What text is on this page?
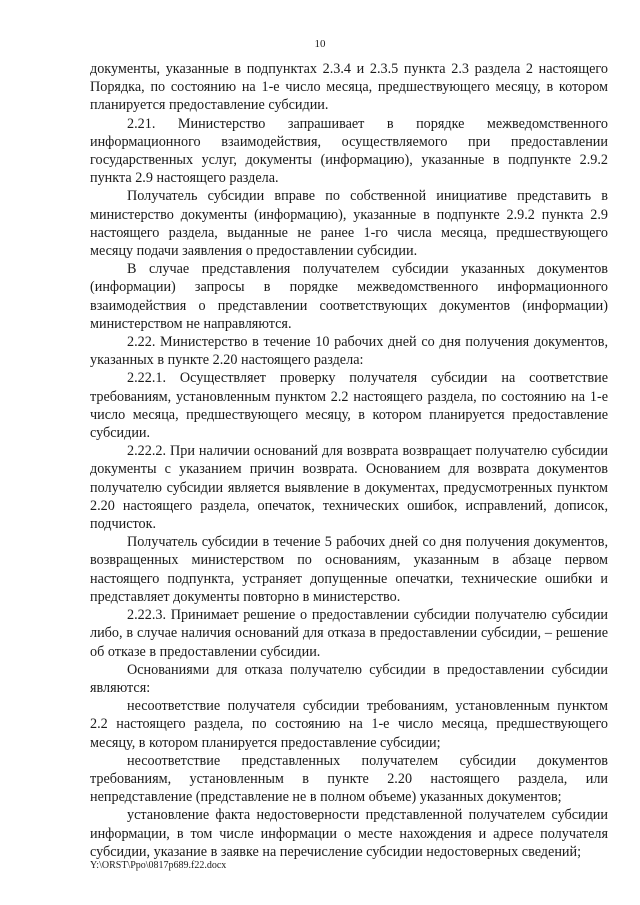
10

документы, указанные в подпунктах 2.3.4 и 2.3.5 пункта 2.3 раздела 2 настоящего Порядка, по состоянию на 1-е число месяца, предшествующего месяцу, в котором планируется предоставление субсидии.

2.21. Министерство запрашивает в порядке межведомственного информационного взаимодействия, осуществляемого при предоставлении государственных услуг, документы (информацию), указанные в подпункте 2.9.2 пункта 2.9 настоящего раздела.

Получатель субсидии вправе по собственной инициативе представить в министерство документы (информацию), указанные в подпункте 2.9.2 пункта 2.9 настоящего раздела, выданные не ранее 1-го числа месяца, предшествующего месяцу подачи заявления о предоставлении субсидии.

В случае представления получателем субсидии указанных документов (информации) запросы в порядке межведомственного информационного взаимодействия о представлении соответствующих документов (информации) министерством не направляются.

2.22. Министерство в течение 10 рабочих дней со дня получения документов, указанных в пункте 2.20 настоящего раздела:

2.22.1. Осуществляет проверку получателя субсидии на соответствие требованиям, установленным пунктом 2.2 настоящего раздела, по состоянию на 1-е число месяца, предшествующего месяцу, в котором планируется предоставление субсидии.

2.22.2. При наличии оснований для возврата возвращает получателю субсидии документы с указанием причин возврата. Основанием для возврата документов получателю субсидии является выявление в документах, предусмотренных пунктом 2.20 настоящего раздела, опечаток, технических ошибок, исправлений, дописок, подчисток.

Получатель субсидии в течение 5 рабочих дней со дня получения документов, возвращенных министерством по основаниям, указанным в абзаце первом настоящего подпункта, устраняет допущенные опечатки, технические ошибки и представляет документы повторно в министерство.

2.22.3. Принимает решение о предоставлении субсидии получателю субсидии либо, в случае наличия оснований для отказа в предоставлении субсидии, – решение об отказе в предоставлении субсидии.

Основаниями для отказа получателю субсидии в предоставлении субсидии являются:

несоответствие получателя субсидии требованиям, установленным пунктом 2.2 настоящего раздела, по состоянию на 1-е число месяца, предшествующего месяцу, в котором планируется предоставление субсидии;

несоответствие представленных получателем субсидии документов требованиям, установленным в пункте 2.20 настоящего раздела, или непредставление (представление не в полном объеме) указанных документов;

установление факта недостоверности представленной получателем субсидии информации, в том числе информации о месте нахождения и адресе получателя субсидии, указание в заявке на перечисление субсидии недостоверных сведений;

Y:\ORST\Ppo\0817p689.f22.docx
